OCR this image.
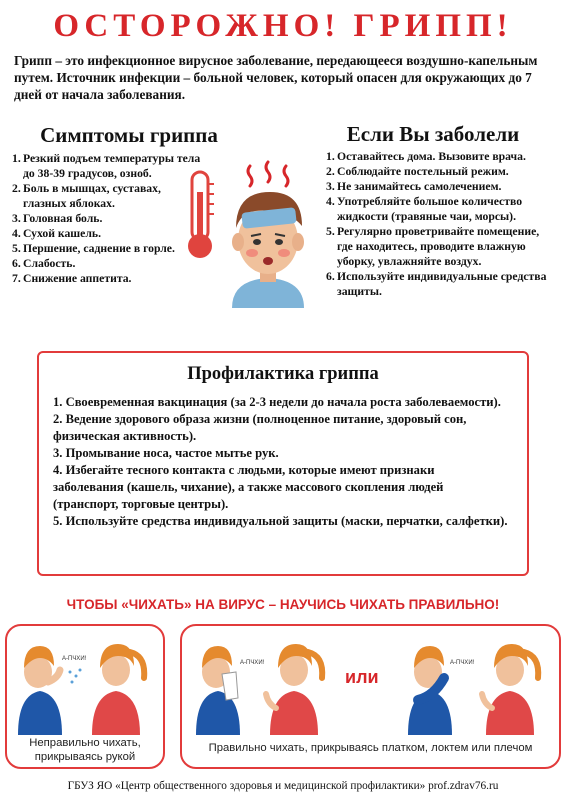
ОСТОРОЖНО! ГРИПП!
Грипп – это инфекционное вирусное заболевание, передающееся воздушно-капельным путем. Источник инфекции – больной человек, который опасен для окружающих до 7 дней от начала заболевания.
Симптомы гриппа
1. Резкий подъем температуры тела до 38-39 градусов, озноб.
2. Боль в мышцах, суставах, глазных яблоках.
3. Головная боль.
4. Сухой кашель.
5. Першение, саднение в горле.
6. Слабость.
7. Снижение аппетита.
Если Вы заболели
1. Оставайтесь дома. Вызовите врача.
2. Соблюдайте постельный режим.
3. Не занимайтесь самолечением.
4. Употребляйте большое количество жидкости (травяные чаи, морсы).
5. Регулярно проветривайте помещение, где находитесь, проводите влажную уборку, увлажняйте воздух.
6. Используйте индивидуальные средства защиты.
Профилактика гриппа
1. Своевременная вакцинация (за 2-3 недели до начала роста заболеваемости).
2. Ведение здорового образа жизни (полноценное питание, здоровый сон, физическая активность).
3. Промывание носа, частое мытье рук.
4. Избегайте тесного контакта с людьми, которые имеют признаки заболевания (кашель, чихание), а также массового скопления людей (транспорт, торговые центры).
5. Используйте средства индивидуальной защиты (маски, перчатки, салфетки).
ЧТОБЫ «ЧИХАТЬ» НА ВИРУС – НАУЧИСЬ ЧИХАТЬ ПРАВИЛЬНО!
А-ПЧХИ!
Неправильно чихать, прикрываясь рукой
А-ПЧХИ!
или
А-ПЧХИ!
Правильно чихать, прикрываясь платком, локтем или плечом
ГБУЗ ЯО «Центр общественного здоровья и медицинской профилактики» prof.zdrav76.ru
